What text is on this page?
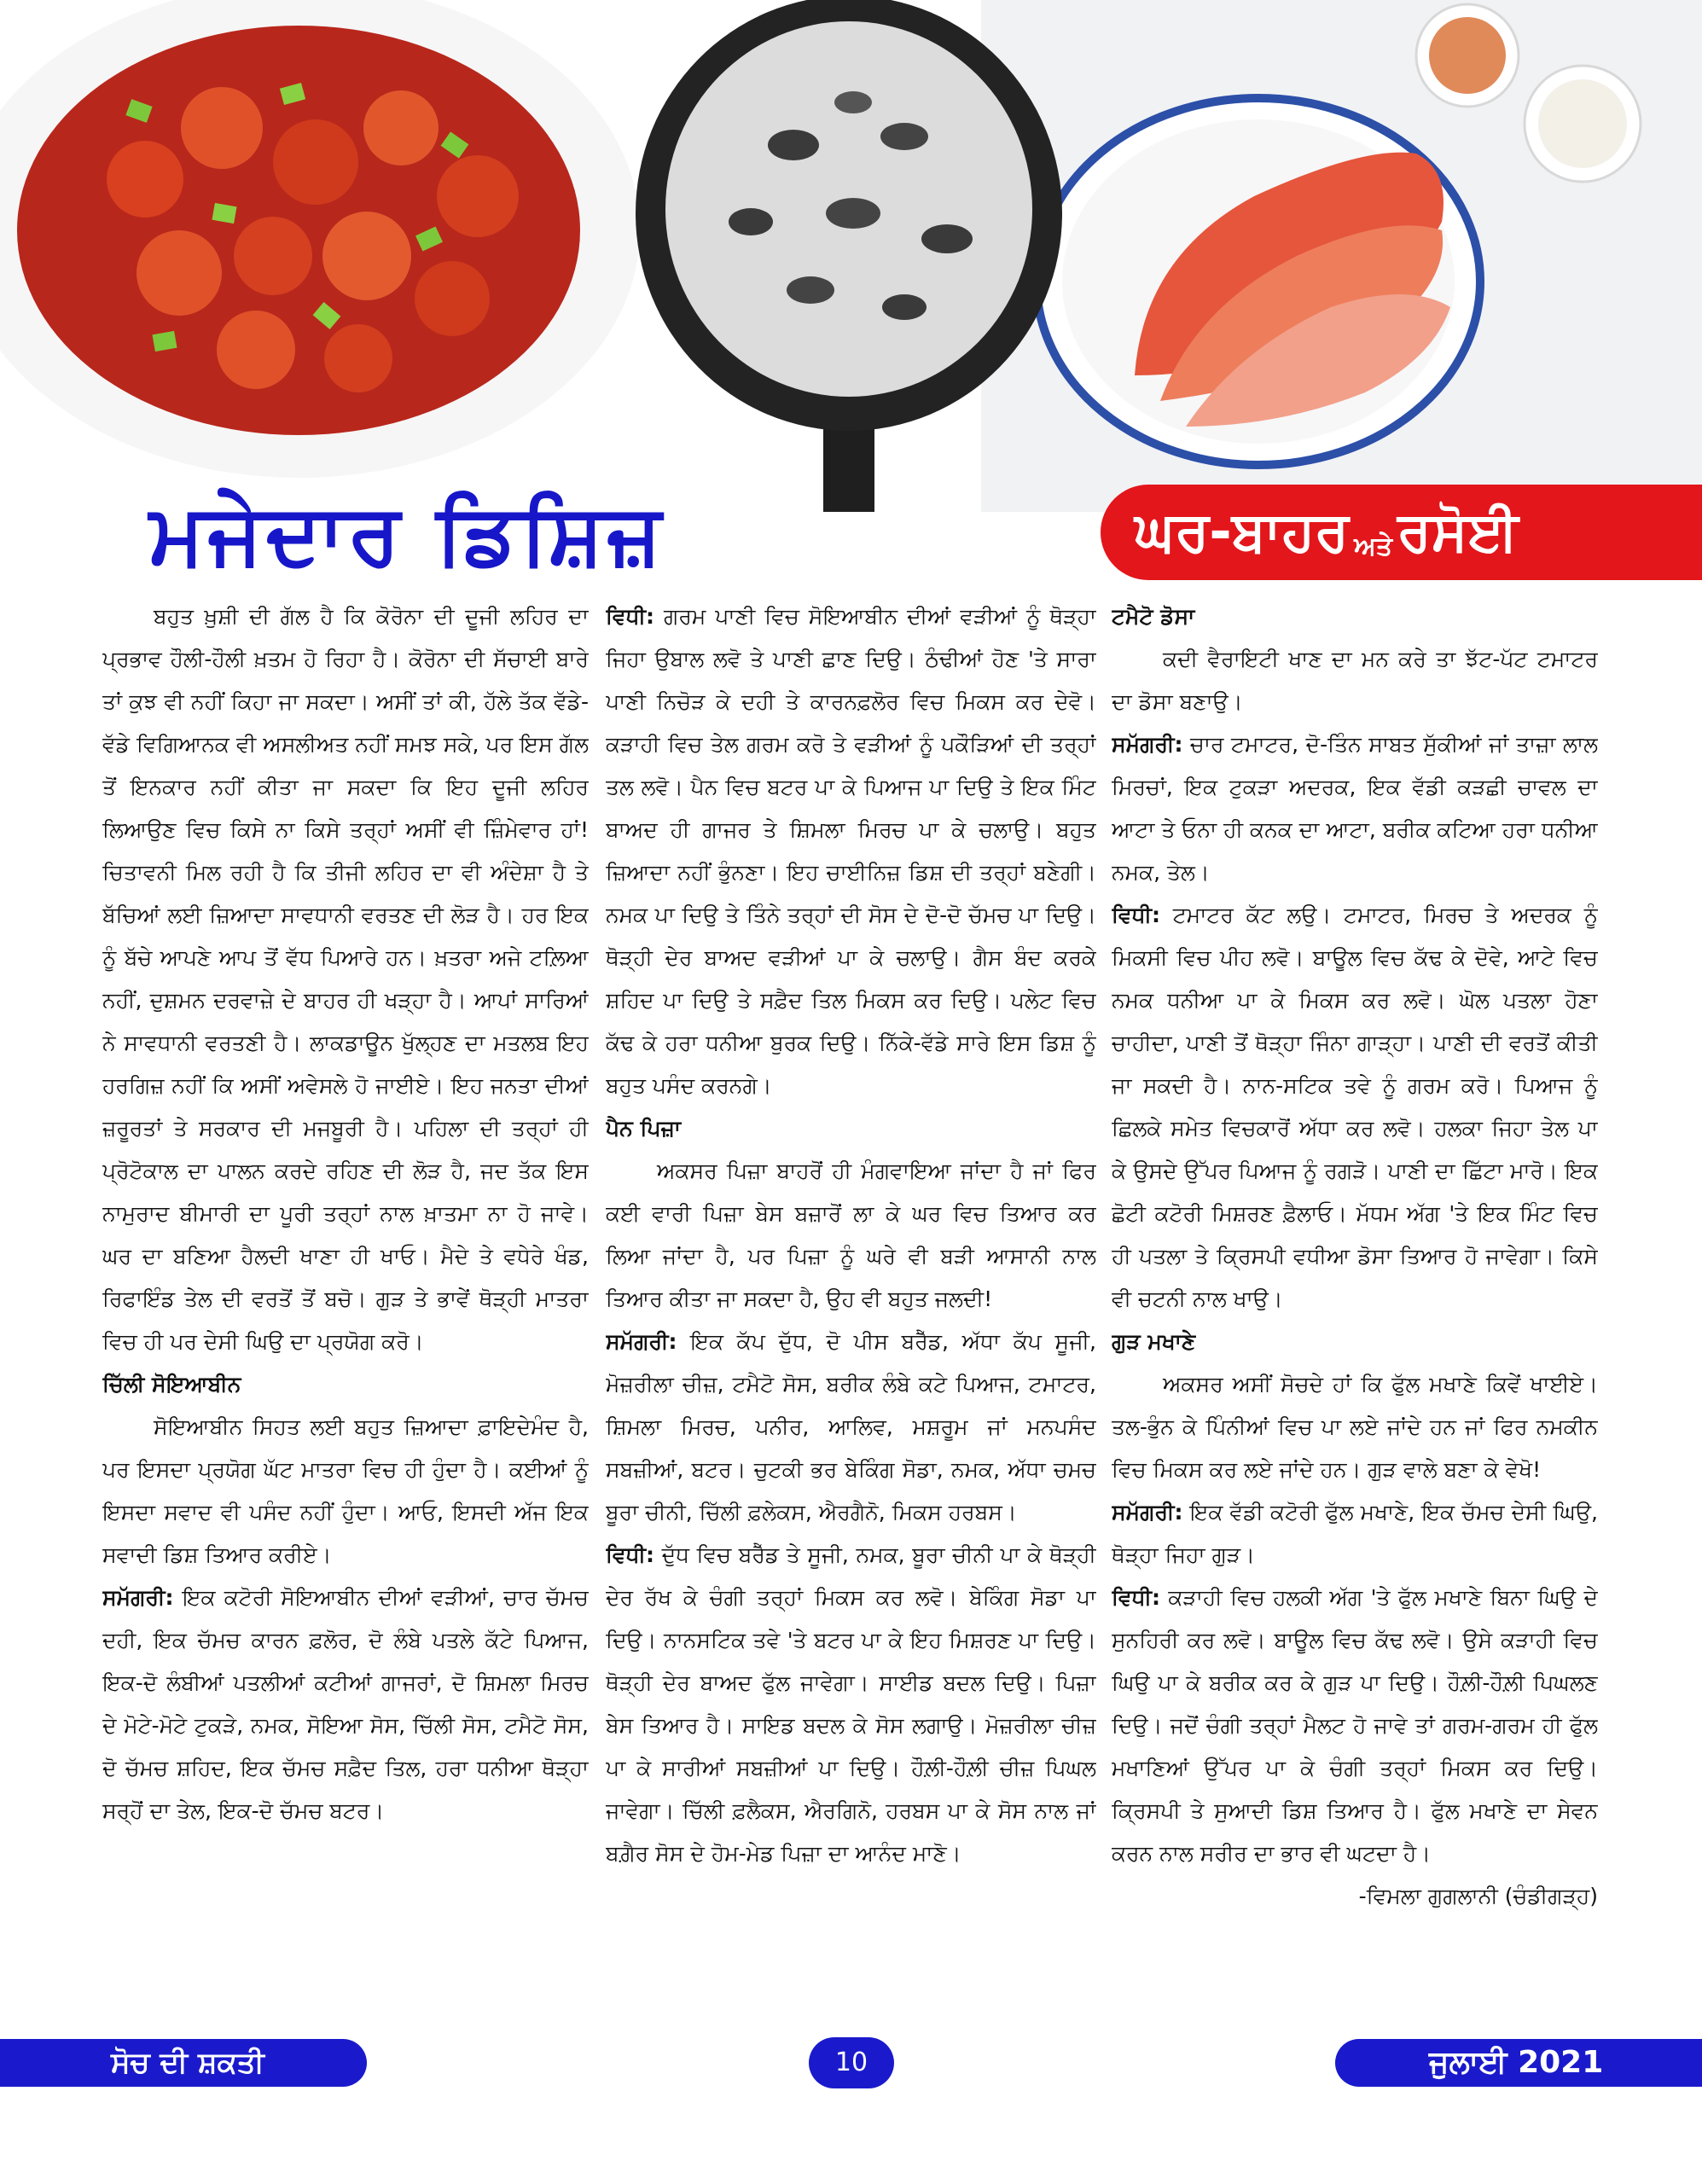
ਮਜੇਦਾਰ ਡਿਸ਼ਿਜ਼	ਘਰ-ਬਾਹਰ ਅਤੇ ਰਸੋਈ

ਬਹੁਤ ਖ਼ੁਸ਼ੀ ਦੀ ਗੱਲ ਹੈ ਕਿ ਕੋਰੋਨਾ ਦੀ ਦੂਜੀ ਲਹਿਰ ਦਾ ਪ੍ਰਭਾਵ ਹੌਲੀ-ਹੌਲੀ ਖ਼ਤਮ ਹੋ ਰਿਹਾ ਹੈ। ਕੋਰੋਨਾ ਦੀ ਸੱਚਾਈ ਬਾਰੇ ਤਾਂ ਕੁਝ ਵੀ ਨਹੀਂ ਕਿਹਾ ਜਾ ਸਕਦਾ। ਅਸੀਂ ਤਾਂ ਕੀ, ਹੱਲੇ ਤੱਕ ਵੱਡੇ-ਵੱਡੇ ਵਿਗਿਆਨਕ ਵੀ ਅਸਲੀਅਤ ਨਹੀਂ ਸਮਝ ਸਕੇ, ਪਰ ਇਸ ਗੱਲ ਤੋਂ ਇਨਕਾਰ ਨਹੀਂ ਕੀਤਾ ਜਾ ਸਕਦਾ ਕਿ ਇਹ ਦੂਜੀ ਲਹਿਰ ਲਿਆਉਣ ਵਿਚ ਕਿਸੇ ਨਾ ਕਿਸੇ ਤਰ੍ਹਾਂ ਅਸੀਂ ਵੀ ਜ਼ਿੰਮੇਵਾਰ ਹਾਂ! ਚਿਤਾਵਨੀ ਮਿਲ ਰਹੀ ਹੈ ਕਿ ਤੀਜੀ ਲਹਿਰ ਦਾ ਵੀ ਅੰਦੇਸ਼ਾ ਹੈ ਤੇ ਬੱਚਿਆਂ ਲਈ ਜ਼ਿਆਦਾ ਸਾਵਧਾਨੀ ਵਰਤਣ ਦੀ ਲੋੜ ਹੈ। ਹਰ ਇਕ ਨੂੰ ਬੱਚੇ ਆਪਣੇ ਆਪ ਤੋਂ ਵੱਧ ਪਿਆਰੇ ਹਨ। ਖ਼ਤਰਾ ਅਜੇ ਟਲ਼ਿਆ ਨਹੀਂ, ਦੁਸ਼ਮਨ ਦਰਵਾਜ਼ੇ ਦੇ ਬਾਹਰ ਹੀ ਖੜ੍ਹਾ ਹੈ। ਆਪਾਂ ਸਾਰਿਆਂ ਨੇ ਸਾਵਧਾਨੀ ਵਰਤਣੀ ਹੈ। ਲਾਕਡਾਊਨ ਖੁੱਲ੍ਹਣ ਦਾ ਮਤਲਬ ਇਹ ਹਰਗਿਜ਼ ਨਹੀਂ ਕਿ ਅਸੀਂ ਅਵੇਸਲੇ ਹੋ ਜਾਈਏ। ਇਹ ਜਨਤਾ ਦੀਆਂ ਜ਼ਰੂਰਤਾਂ ਤੇ ਸਰਕਾਰ ਦੀ ਮਜਬੂਰੀ ਹੈ। ਪਹਿਲਾ ਦੀ ਤਰ੍ਹਾਂ ਹੀ ਪ੍ਰੋਟੋਕਾਲ ਦਾ ਪਾਲਨ ਕਰਦੇ ਰਹਿਣ ਦੀ ਲੋੜ ਹੈ, ਜਦ ਤੱਕ ਇਸ ਨਾਮੁਰਾਦ ਬੀਮਾਰੀ ਦਾ ਪੂਰੀ ਤਰ੍ਹਾਂ ਨਾਲ ਖ਼ਾਤਮਾ ਨਾ ਹੋ ਜਾਵੇ। ਘਰ ਦਾ ਬਣਿਆ ਹੈਲਦੀ ਖਾਣਾ ਹੀ ਖਾਓ। ਮੈਦੇ ਤੇ ਵਧੇਰੇ ਖੰਡ, ਰਿਫਾਇੰਡ ਤੇਲ ਦੀ ਵਰਤੋਂ ਤੋਂ ਬਚੋ। ਗੁੜ ਤੇ ਭਾਵੇਂ ਥੋੜ੍ਹੀ ਮਾਤਰਾ ਵਿਚ ਹੀ ਪਰ ਦੇਸੀ ਘਿਉ ਦਾ ਪ੍ਰਯੋਗ ਕਰੋ।

ਚਿੱਲੀ ਸੋਇਆਬੀਨ

ਸੋਇਆਬੀਨ ਸਿਹਤ ਲਈ ਬਹੁਤ ਜ਼ਿਆਦਾ ਫ਼ਾਇਦੇਮੰਦ ਹੈ, ਪਰ ਇਸਦਾ ਪ੍ਰਯੋਗ ਘੱਟ ਮਾਤਰਾ ਵਿਚ ਹੀ ਹੁੰਦਾ ਹੈ। ਕਈਆਂ ਨੂੰ ਇਸਦਾ ਸਵਾਦ ਵੀ ਪਸੰਦ ਨਹੀਂ ਹੁੰਦਾ। ਆਓ, ਇਸਦੀ ਅੱਜ ਇਕ ਸਵਾਦੀ ਡਿਸ਼ ਤਿਆਰ ਕਰੀਏ।

ਸਮੱਗਰੀ: ਇਕ ਕਟੋਰੀ ਸੋਇਆਬੀਨ ਦੀਆਂ ਵੜੀਆਂ, ਚਾਰ ਚੱਮਚ ਦਹੀ, ਇਕ ਚੱਮਚ ਕਾਰਨ ਫ਼ਲੋਰ, ਦੋ ਲੰਬੇ ਪਤਲੇ ਕੱਟੇ ਪਿਆਜ, ਇਕ-ਦੋ ਲੰਬੀਆਂ ਪਤਲੀਆਂ ਕਟੀਆਂ ਗਾਜਰਾਂ, ਦੋ ਸ਼ਿਮਲਾ ਮਿਰਚ ਦੇ ਮੋਟੇ-ਮੋਟੇ ਟੁਕੜੇ, ਨਮਕ, ਸੋਇਆ ਸੋਸ, ਚਿੱਲੀ ਸੋਸ, ਟਮੈਟੋ ਸੋਸ, ਦੋ ਚੱਮਚ ਸ਼ਹਿਦ, ਇਕ ਚੱਮਚ ਸਫ਼ੈਦ ਤਿਲ, ਹਰਾ ਧਨੀਆ ਥੋੜ੍ਹਾ ਸਰ੍ਹੋਂ ਦਾ ਤੇਲ, ਇਕ-ਦੋ ਚੱਮਚ ਬਟਰ।

ਵਿਧੀ: ਗਰਮ ਪਾਣੀ ਵਿਚ ਸੋਇਆਬੀਨ ਦੀਆਂ ਵੜੀਆਂ ਨੂੰ ਥੋੜ੍ਹਾ ਜਿਹਾ ਉਬਾਲ ਲਵੋ ਤੇ ਪਾਣੀ ਛਾਣ ਦਿਉ। ਠੰਢੀਆਂ ਹੋਣ 'ਤੇ ਸਾਰਾ ਪਾਣੀ ਨਿਚੋੜ ਕੇ ਦਹੀ ਤੇ ਕਾਰਨਫ਼ਲੋਰ ਵਿਚ ਮਿਕਸ ਕਰ ਦੇਵੋ। ਕੜਾਹੀ ਵਿਚ ਤੇਲ ਗਰਮ ਕਰੋ ਤੇ ਵੜੀਆਂ ਨੂੰ ਪਕੌੜਿਆਂ ਦੀ ਤਰ੍ਹਾਂ ਤਲ ਲਵੋ। ਪੈਨ ਵਿਚ ਬਟਰ ਪਾ ਕੇ ਪਿਆਜ ਪਾ ਦਿਉ ਤੇ ਇਕ ਮਿੰਟ ਬਾਅਦ ਹੀ ਗਾਜਰ ਤੇ ਸ਼ਿਮਲਾ ਮਿਰਚ ਪਾ ਕੇ ਚਲਾਉ। ਬਹੁਤ ਜ਼ਿਆਦਾ ਨਹੀਂ ਭੁੰਨਣਾ। ਇਹ ਚਾਈਨਿਜ਼ ਡਿਸ਼ ਦੀ ਤਰ੍ਹਾਂ ਬਣੇਗੀ। ਨਮਕ ਪਾ ਦਿਉ ਤੇ ਤਿੰਨੇ ਤਰ੍ਹਾਂ ਦੀ ਸੋਸ ਦੇ ਦੋ-ਦੋ ਚੱਮਚ ਪਾ ਦਿਉ। ਥੋੜ੍ਹੀ ਦੇਰ ਬਾਅਦ ਵੜੀਆਂ ਪਾ ਕੇ ਚਲਾਉ। ਗੈਸ ਬੰਦ ਕਰਕੇ ਸ਼ਹਿਦ ਪਾ ਦਿਉ ਤੇ ਸਫ਼ੈਦ ਤਿਲ ਮਿਕਸ ਕਰ ਦਿਉ। ਪਲੇਟ ਵਿਚ ਕੱਢ ਕੇ ਹਰਾ ਧਨੀਆ ਬੁਰਕ ਦਿਉ। ਨਿੱਕੇ-ਵੱਡੇ ਸਾਰੇ ਇਸ ਡਿਸ਼ ਨੂੰ ਬਹੁਤ ਪਸੰਦ ਕਰਨਗੇ।

ਪੈਨ ਪਿਜ਼ਾ

ਅਕਸਰ ਪਿਜ਼ਾ ਬਾਹਰੋਂ ਹੀ ਮੰਗਵਾਇਆ ਜਾਂਦਾ ਹੈ ਜਾਂ ਫਿਰ ਕਈ ਵਾਰੀ ਪਿਜ਼ਾ ਬੇਸ ਬਜ਼ਾਰੋਂ ਲਾ ਕੇ ਘਰ ਵਿਚ ਤਿਆਰ ਕਰ ਲਿਆ ਜਾਂਦਾ ਹੈ, ਪਰ ਪਿਜ਼ਾ ਨੂੰ ਘਰੇ ਵੀ ਬੜੀ ਆਸਾਨੀ ਨਾਲ ਤਿਆਰ ਕੀਤਾ ਜਾ ਸਕਦਾ ਹੈ, ਉਹ ਵੀ ਬਹੁਤ ਜਲਦੀ!

ਸਮੱਗਰੀ: ਇਕ ਕੱਪ ਦੁੱਧ, ਦੋ ਪੀਸ ਬਰੈੱਡ, ਅੱਧਾ ਕੱਪ ਸੂਜੀ, ਮੋਜ਼ਰੀਲਾ ਚੀਜ਼, ਟਮੈਟੋ ਸੋਸ, ਬਰੀਕ ਲੰਬੇ ਕਟੇ ਪਿਆਜ, ਟਮਾਟਰ, ਸ਼ਿਮਲਾ ਮਿਰਚ, ਪਨੀਰ, ਆਲਿਵ, ਮਸ਼ਰੂਮ ਜਾਂ ਮਨਪਸੰਦ ਸਬਜ਼ੀਆਂ, ਬਟਰ। ਚੁਟਕੀ ਭਰ ਬੇਕਿੰਗ ਸੋਡਾ, ਨਮਕ, ਅੱਧਾ ਚਮਚ ਬੂਰਾ ਚੀਨੀ, ਚਿੱਲੀ ਫ਼ਲੇਕਸ, ਐਰਗੈਨੋ, ਮਿਕਸ ਹਰਬਸ।

ਵਿਧੀ: ਦੁੱਧ ਵਿਚ ਬਰੈੱਡ ਤੇ ਸੂਜੀ, ਨਮਕ, ਬੂਰਾ ਚੀਨੀ ਪਾ ਕੇ ਥੋੜ੍ਹੀ ਦੇਰ ਰੱਖ ਕੇ ਚੰਗੀ ਤਰ੍ਹਾਂ ਮਿਕਸ ਕਰ ਲਵੋ। ਬੇਕਿੰਗ ਸੋਡਾ ਪਾ ਦਿਉ। ਨਾਨਸਟਿਕ ਤਵੇ 'ਤੇ ਬਟਰ ਪਾ ਕੇ ਇਹ ਮਿਸ਼ਰਣ ਪਾ ਦਿਉ। ਥੋੜ੍ਹੀ ਦੇਰ ਬਾਅਦ ਫੁੱਲ ਜਾਵੇਗਾ। ਸਾਈਡ ਬਦਲ ਦਿਉ। ਪਿਜ਼ਾ ਬੇਸ ਤਿਆਰ ਹੈ। ਸਾਇਡ ਬਦਲ ਕੇ ਸੋਸ ਲਗਾਉ। ਮੋਜ਼ਰੀਲਾ ਚੀਜ਼ ਪਾ ਕੇ ਸਾਰੀਆਂ ਸਬਜ਼ੀਆਂ ਪਾ ਦਿਉ। ਹੌਲ਼ੀ-ਹੌਲ਼ੀ ਚੀਜ਼ ਪਿਘਲ ਜਾਵੇਗਾ। ਚਿੱਲੀ ਫ਼ਲੈਕਸ, ਐਰਗਿਨੋ, ਹਰਬਸ ਪਾ ਕੇ ਸੋਸ ਨਾਲ ਜਾਂ ਬਗ਼ੈਰ ਸੋਸ ਦੇ ਹੋਮ-ਮੇਡ ਪਿਜ਼ਾ ਦਾ ਆਨੰਦ ਮਾਣੋ।

ਟਮੈਟੋ ਡੋਸਾ

ਕਦੀ ਵੈਰਾਇਟੀ ਖਾਣ ਦਾ ਮਨ ਕਰੇ ਤਾ ਝੱਟ-ਪੱਟ ਟਮਾਟਰ ਦਾ ਡੋਸਾ ਬਣਾਉ।

ਸਮੱਗਰੀ: ਚਾਰ ਟਮਾਟਰ, ਦੋ-ਤਿੰਨ ਸਾਬਤ ਸੁੱਕੀਆਂ ਜਾਂ ਤਾਜ਼ਾ ਲਾਲ ਮਿਰਚਾਂ, ਇਕ ਟੁਕੜਾ ਅਦਰਕ, ਇਕ ਵੱਡੀ ਕੜਛੀ ਚਾਵਲ ਦਾ ਆਟਾ ਤੇ ਓਨਾ ਹੀ ਕਨਕ ਦਾ ਆਟਾ, ਬਰੀਕ ਕਟਿਆ ਹਰਾ ਧਨੀਆ ਨਮਕ, ਤੇਲ।

ਵਿਧੀ: ਟਮਾਟਰ ਕੱਟ ਲਉ। ਟਮਾਟਰ, ਮਿਰਚ ਤੇ ਅਦਰਕ ਨੂੰ ਮਿਕਸੀ ਵਿਚ ਪੀਹ ਲਵੋ। ਬਾਊਲ ਵਿਚ ਕੱਢ ਕੇ ਦੋਵੇ, ਆਟੇ ਵਿਚ ਨਮਕ ਧਨੀਆ ਪਾ ਕੇ ਮਿਕਸ ਕਰ ਲਵੋ। ਘੋਲ ਪਤਲਾ ਹੋਣਾ ਚਾਹੀਦਾ, ਪਾਣੀ ਤੋਂ ਥੋੜ੍ਹਾ ਜਿੰਨਾ ਗਾੜ੍ਹਾ। ਪਾਣੀ ਦੀ ਵਰਤੋਂ ਕੀਤੀ ਜਾ ਸਕਦੀ ਹੈ। ਨਾਨ-ਸਟਿਕ ਤਵੇ ਨੂੰ ਗਰਮ ਕਰੋ। ਪਿਆਜ ਨੂੰ ਛਿਲਕੇ ਸਮੇਤ ਵਿਚਕਾਰੋਂ ਅੱਧਾ ਕਰ ਲਵੋ। ਹਲਕਾ ਜਿਹਾ ਤੇਲ ਪਾ ਕੇ ਉਸਦੇ ਉੱਪਰ ਪਿਆਜ ਨੂੰ ਰਗੜੋ। ਪਾਣੀ ਦਾ ਛਿੱਟਾ ਮਾਰੋ। ਇਕ ਛੋਟੀ ਕਟੋਰੀ ਮਿਸ਼ਰਣ ਫ਼ੈਲਾਓ। ਮੱਧਮ ਅੱਗ 'ਤੇ ਇਕ ਮਿੰਟ ਵਿਚ ਹੀ ਪਤਲਾ ਤੇ ਕ੍ਰਿਸਪੀ ਵਧੀਆ ਡੋਸਾ ਤਿਆਰ ਹੋ ਜਾਵੇਗਾ। ਕਿਸੇ ਵੀ ਚਟਨੀ ਨਾਲ ਖਾਉ।

ਗੁੜ ਮਖਾਣੇ

ਅਕਸਰ ਅਸੀਂ ਸੋਚਦੇ ਹਾਂ ਕਿ ਫੁੱਲ ਮਖਾਣੇ ਕਿਵੇਂ ਖਾਈਏ। ਤਲ-ਭੁੰਨ ਕੇ ਪਿੰਨੀਆਂ ਵਿਚ ਪਾ ਲਏ ਜਾਂਦੇ ਹਨ ਜਾਂ ਫਿਰ ਨਮਕੀਨ ਵਿਚ ਮਿਕਸ ਕਰ ਲਏ ਜਾਂਦੇ ਹਨ। ਗੁੜ ਵਾਲੇ ਬਣਾ ਕੇ ਵੇਖੋ!

ਸਮੱਗਰੀ: ਇਕ ਵੱਡੀ ਕਟੋਰੀ ਫੁੱਲ ਮਖਾਣੇ, ਇਕ ਚੱਮਚ ਦੇਸੀ ਘਿਉ, ਥੋੜ੍ਹਾ ਜਿਹਾ ਗੁੜ।

ਵਿਧੀ: ਕੜਾਹੀ ਵਿਚ ਹਲਕੀ ਅੱਗ 'ਤੇ ਫੁੱਲ ਮਖਾਣੇ ਬਿਨਾ ਘਿਉ ਦੇ ਸੁਨਹਿਰੀ ਕਰ ਲਵੋ। ਬਾਊਲ ਵਿਚ ਕੱਢ ਲਵੋ। ਉਸੇ ਕੜਾਹੀ ਵਿਚ ਘਿਉ ਪਾ ਕੇ ਬਰੀਕ ਕਰ ਕੇ ਗੁੜ ਪਾ ਦਿਉ। ਹੌਲ਼ੀ-ਹੌਲ਼ੀ ਪਿਘਲਣ ਦਿਉ। ਜਦੋਂ ਚੰਗੀ ਤਰ੍ਹਾਂ ਮੈਲਟ ਹੋ ਜਾਵੇ ਤਾਂ ਗਰਮ-ਗਰਮ ਹੀ ਫੁੱਲ ਮਖਾਣਿਆਂ ਉੱਪਰ ਪਾ ਕੇ ਚੰਗੀ ਤਰ੍ਹਾਂ ਮਿਕਸ ਕਰ ਦਿਉ। ਕ੍ਰਿਸਪੀ ਤੇ ਸੁਆਦੀ ਡਿਸ਼ ਤਿਆਰ ਹੈ। ਫੁੱਲ ਮਖਾਣੇ ਦਾ ਸੇਵਨ ਕਰਨ ਨਾਲ ਸਰੀਰ ਦਾ ਭਾਰ ਵੀ ਘਟਦਾ ਹੈ।

-ਵਿਮਲਾ ਗੁਗਲਾਨੀ (ਚੰਡੀਗੜ੍ਹ)

ਸੋਚ ਦੀ ਸ਼ਕਤੀ	10	ਜੁਲਾਈ 2021
